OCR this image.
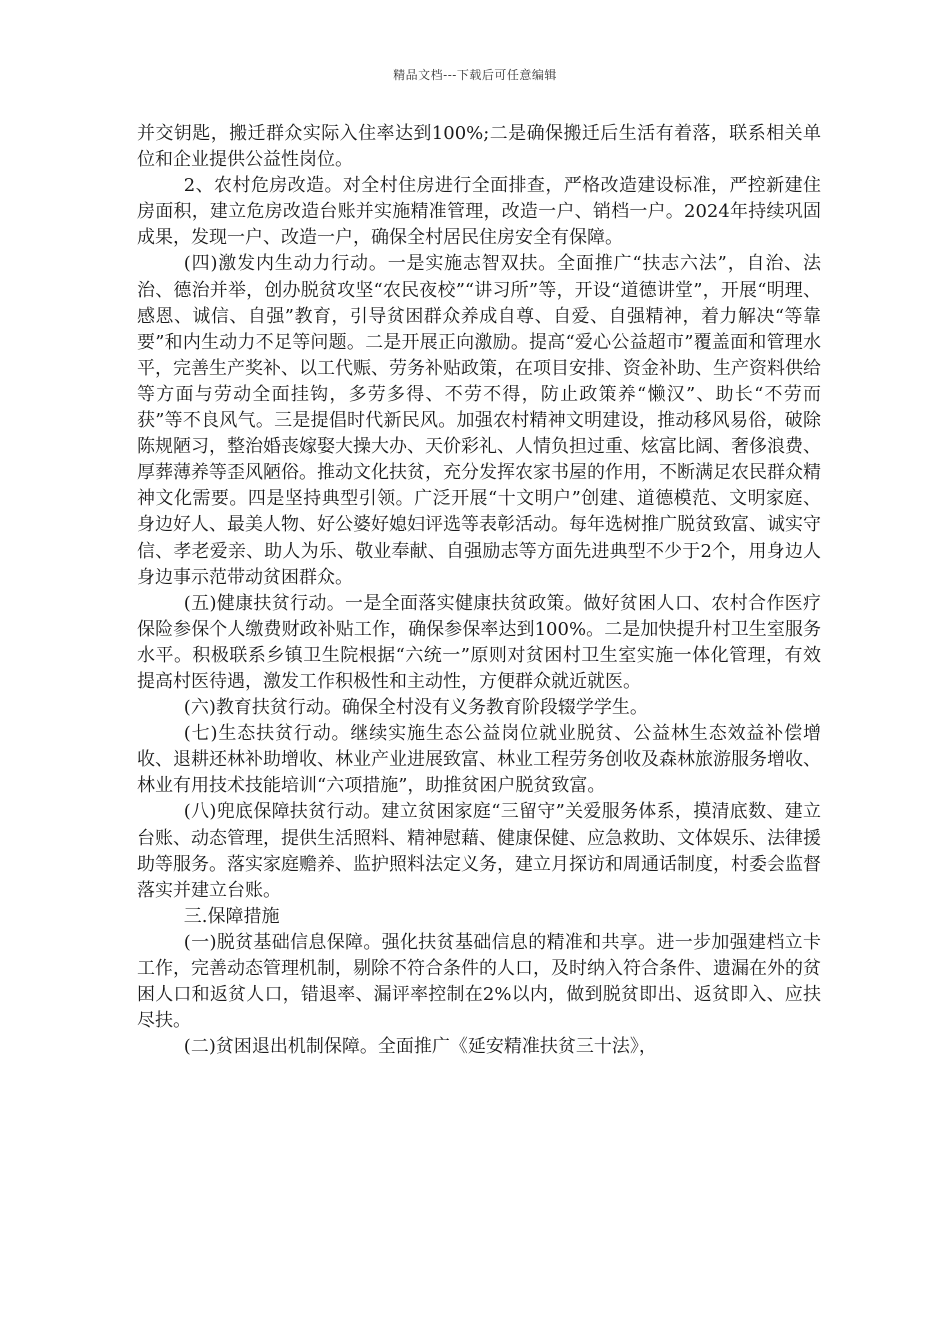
精品文档---下载后可任意编辑

并交钥匙，搬迁群众实际入住率达到100%;二是确保搬迁后生活有着落，联系相关单位和企业提供公益性岗位。

2、农村危房改造。对全村住房进行全面排查，严格改造建设标准，严控新建住房面积，建立危房改造台账并实施精准管理，改造一户、销档一户。2024年持续巩固成果，发现一户、改造一户，确保全村居民住房安全有保障。

(四)激发内生动力行动。一是实施志智双扶。全面推广“扶志六法”，自治、法治、德治并举，创办脱贫攻坚“农民夜校”“讲习所”等，开设“道德讲堂”，开展“明理、感恩、诚信、自强”教育，引导贫困群众养成自尊、自爱、自强精神，着力解决“等靠要”和内生动力不足等问题。二是开展正向激励。提高“爱心公益超市”覆盖面和管理水平，完善生产奖补、以工代赈、劳务补贴政策，在项目安排、资金补助、生产资料供给等方面与劳动全面挂钩，多劳多得、不劳不得，防止政策养“懒汉”、助长“不劳而获”等不良风气。三是提倡时代新民风。加强农村精神文明建设，推动移风易俗，破除陈规陋习，整治婚丧嫁娶大操大办、天价彩礼、人情负担过重、炫富比阔、奢侈浪费、厚葬薄养等歪风陋俗。推动文化扶贫，充分发挥农家书屋的作用，不断满足农民群众精神文化需要。四是坚持典型引领。广泛开展“十文明户”创建、道德模范、文明家庭、身边好人、最美人物、好公婆好媳妇评选等表彰活动。每年选树推广脱贫致富、诚实守信、孝老爱亲、助人为乐、敬业奉献、自强励志等方面先进典型不少于2个，用身边人身边事示范带动贫困群众。

(五)健康扶贫行动。一是全面落实健康扶贫政策。做好贫困人口、农村合作医疗保险参保个人缴费财政补贴工作，确保参保率达到100%。二是加快提升村卫生室服务水平。积极联系乡镇卫生院根据“六统一”原则对贫困村卫生室实施一体化管理，有效提高村医待遇，激发工作积极性和主动性，方便群众就近就医。

(六)教育扶贫行动。确保全村没有义务教育阶段辍学学生。

(七)生态扶贫行动。继续实施生态公益岗位就业脱贫、公益林生态效益补偿增收、退耕还林补助增收、林业产业进展致富、林业工程劳务创收及森林旅游服务增收、林业有用技术技能培训“六项措施”，助推贫困户脱贫致富。

(八)兜底保障扶贫行动。建立贫困家庭“三留守”关爱服务体系，摸清底数、建立台账、动态管理，提供生活照料、精神慰藉、健康保健、应急救助、文体娱乐、法律援助等服务。落实家庭赡养、监护照料法定义务，建立月探访和周通话制度，村委会监督落实并建立台账。

三.保障措施

(一)脱贫基础信息保障。强化扶贫基础信息的精准和共享。进一步加强建档立卡工作，完善动态管理机制，剔除不符合条件的人口，及时纳入符合条件、遗漏在外的贫困人口和返贫人口，错退率、漏评率控制在2%以内，做到脱贫即出、返贫即入、应扶尽扶。

(二)贫困退出机制保障。全面推广《延安精准扶贫三十法》，
